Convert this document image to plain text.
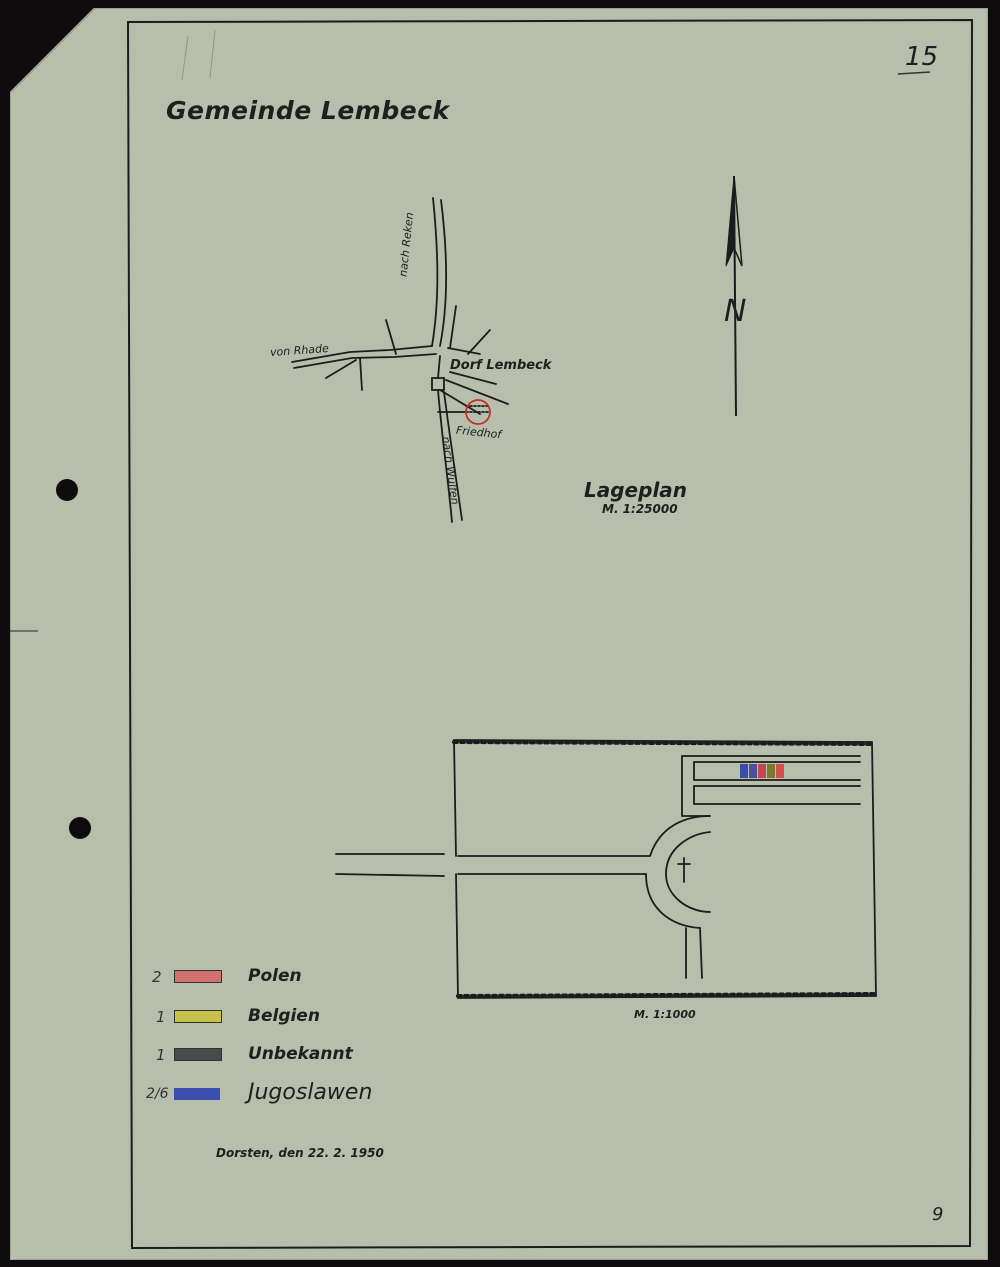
15
Gemeinde Lembeck
nach Reken
von Rhade
Dorf Lembeck
Friedhof
nach Wulfen
N
Lageplan
M. 1:25000
M. 1:1000
2	Polen
1	Belgien
1	Unbekannt
2/6	Jugoslawen
Dorsten, den 22. 2. 1950
9
